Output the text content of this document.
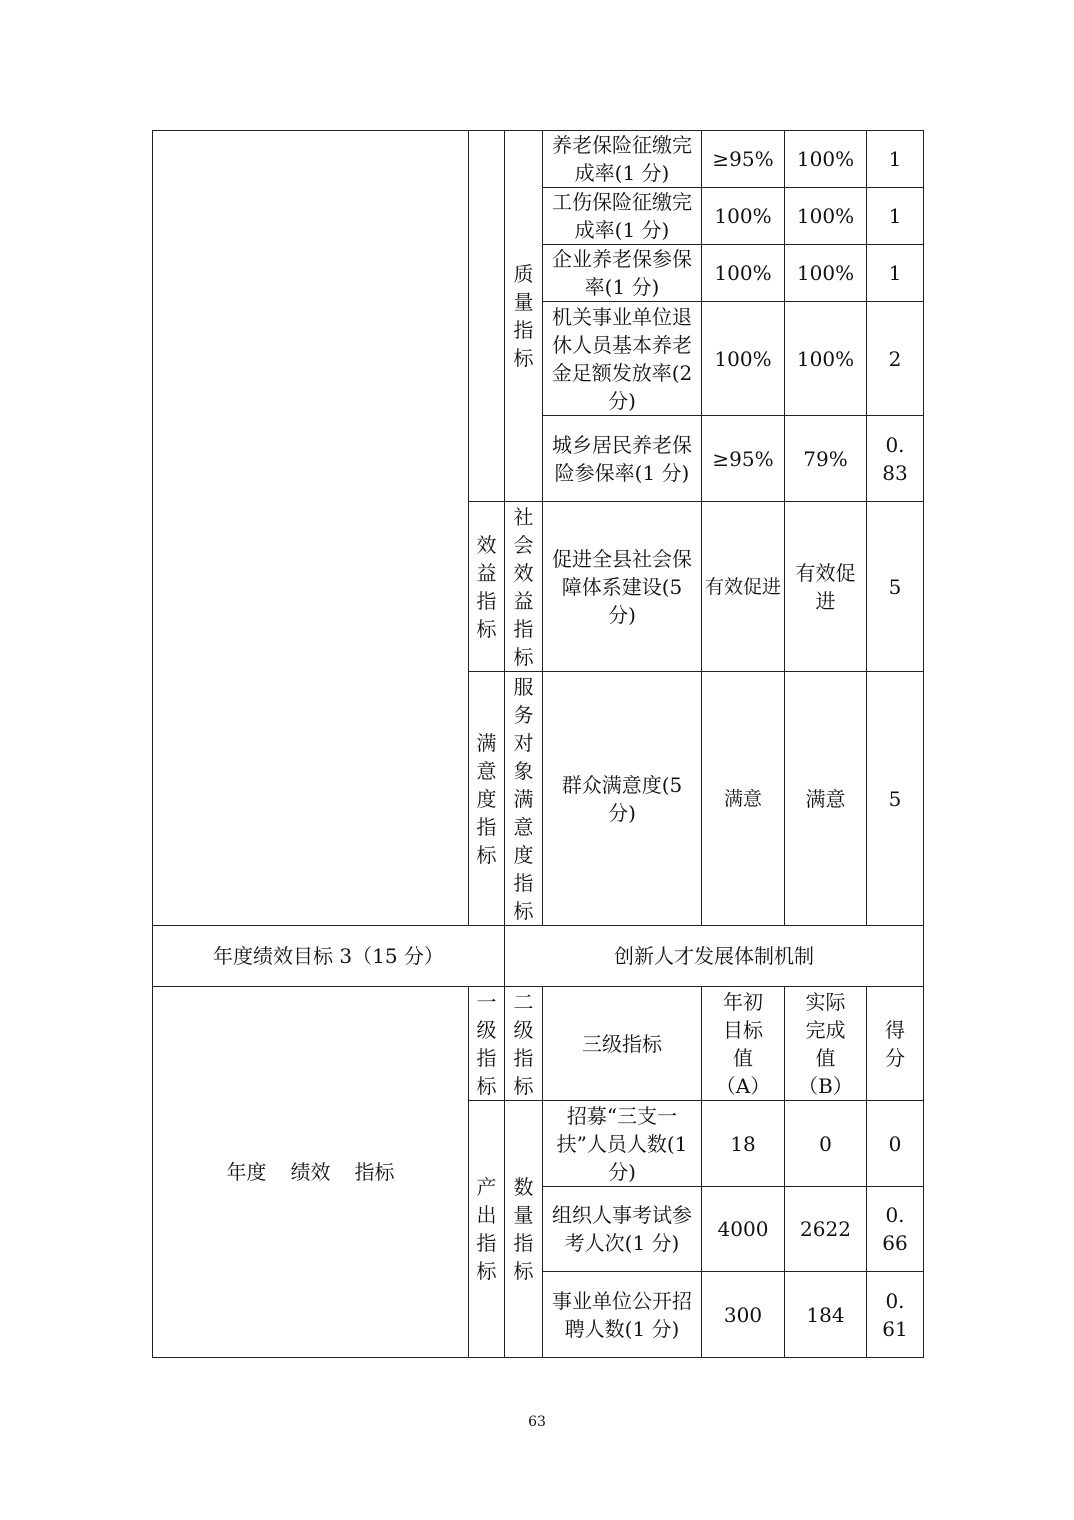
		质量指标	养老保险征缴完成率(1 分)	≥95%	100%	1
			工伤保险征缴完成率(1 分)	100%	100%	1
			企业养老保参保率(1 分)	100%	100%	1
			机关事业单位退休人员基本养老金足额发放率(2 分)	100%	100%	2
			城乡居民养老保险参保率(1 分)	≥95%	79%	0.83

	效益指标	社会效益指标	促进全县社会保障体系建设(5 分)	有效促进	有效促进	5

	满意度指标	服务对象满意度指标	群众满意度(5 分)	满意	满意	5
年度绩效目标 3（15 分）		创新人才发展体制机制				
年度 绩效 指标	一级指标	二级指标	三级指标	年初目标值（A）	实际完成值（B）	得分

	产出指标	数量指标	招募“三支一扶”人员人数(1 分)	18	0	0
			组织人事考试参考人次(1 分)	4000	2622	0.66
			事业单位公开招聘人数(1 分)	300	184	0.61
63
